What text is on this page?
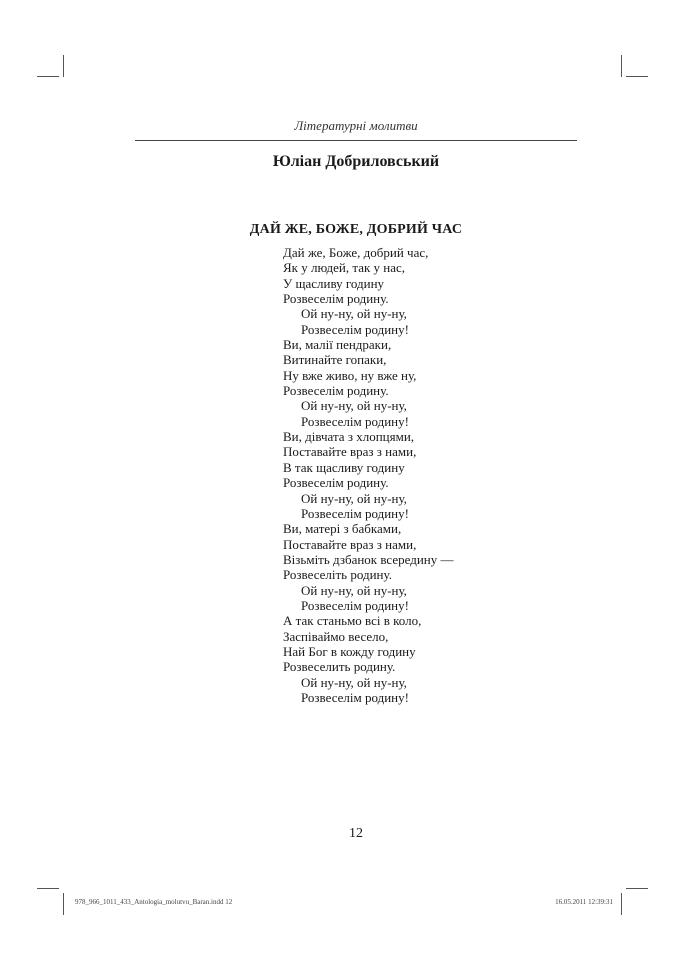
Літературні молитви
Юліан Добриловський
ДАЙ ЖЕ, БОЖЕ, ДОБРИЙ ЧАС
Дай же, Боже, добрий час,
Як у людей, так у нас,
У щасливу годину
Розвеселім родину.
Ой ну-ну, ой ну-ну,
Розвеселім родину!
Ви, малії пендраки,
Витинайте гопаки,
Ну вже живо, ну вже ну,
Розвеселім родину.
Ой ну-ну, ой ну-ну,
Розвеселім родину!
Ви, дівчата з хлопцями,
Поставайте враз з нами,
В так щасливу годину
Розвеселім родину.
Ой ну-ну, ой ну-ну,
Розвеселім родину!
Ви, матері з бабками,
Поставайте враз з нами,
Візьміть дзбанок всередину —
Розвеселіть родину.
Ой ну-ну, ой ну-ну,
Розвеселім родину!
А так станьмо всі в коло,
Заспіваймо весело,
Най Бог в кожду годину
Розвеселить родину.
Ой ну-ну, ой ну-ну,
Розвеселім родину!
12
978_966_1011_433_Antologia_molutvu_Baran.indd 12	16.05.2011 12:39:31
